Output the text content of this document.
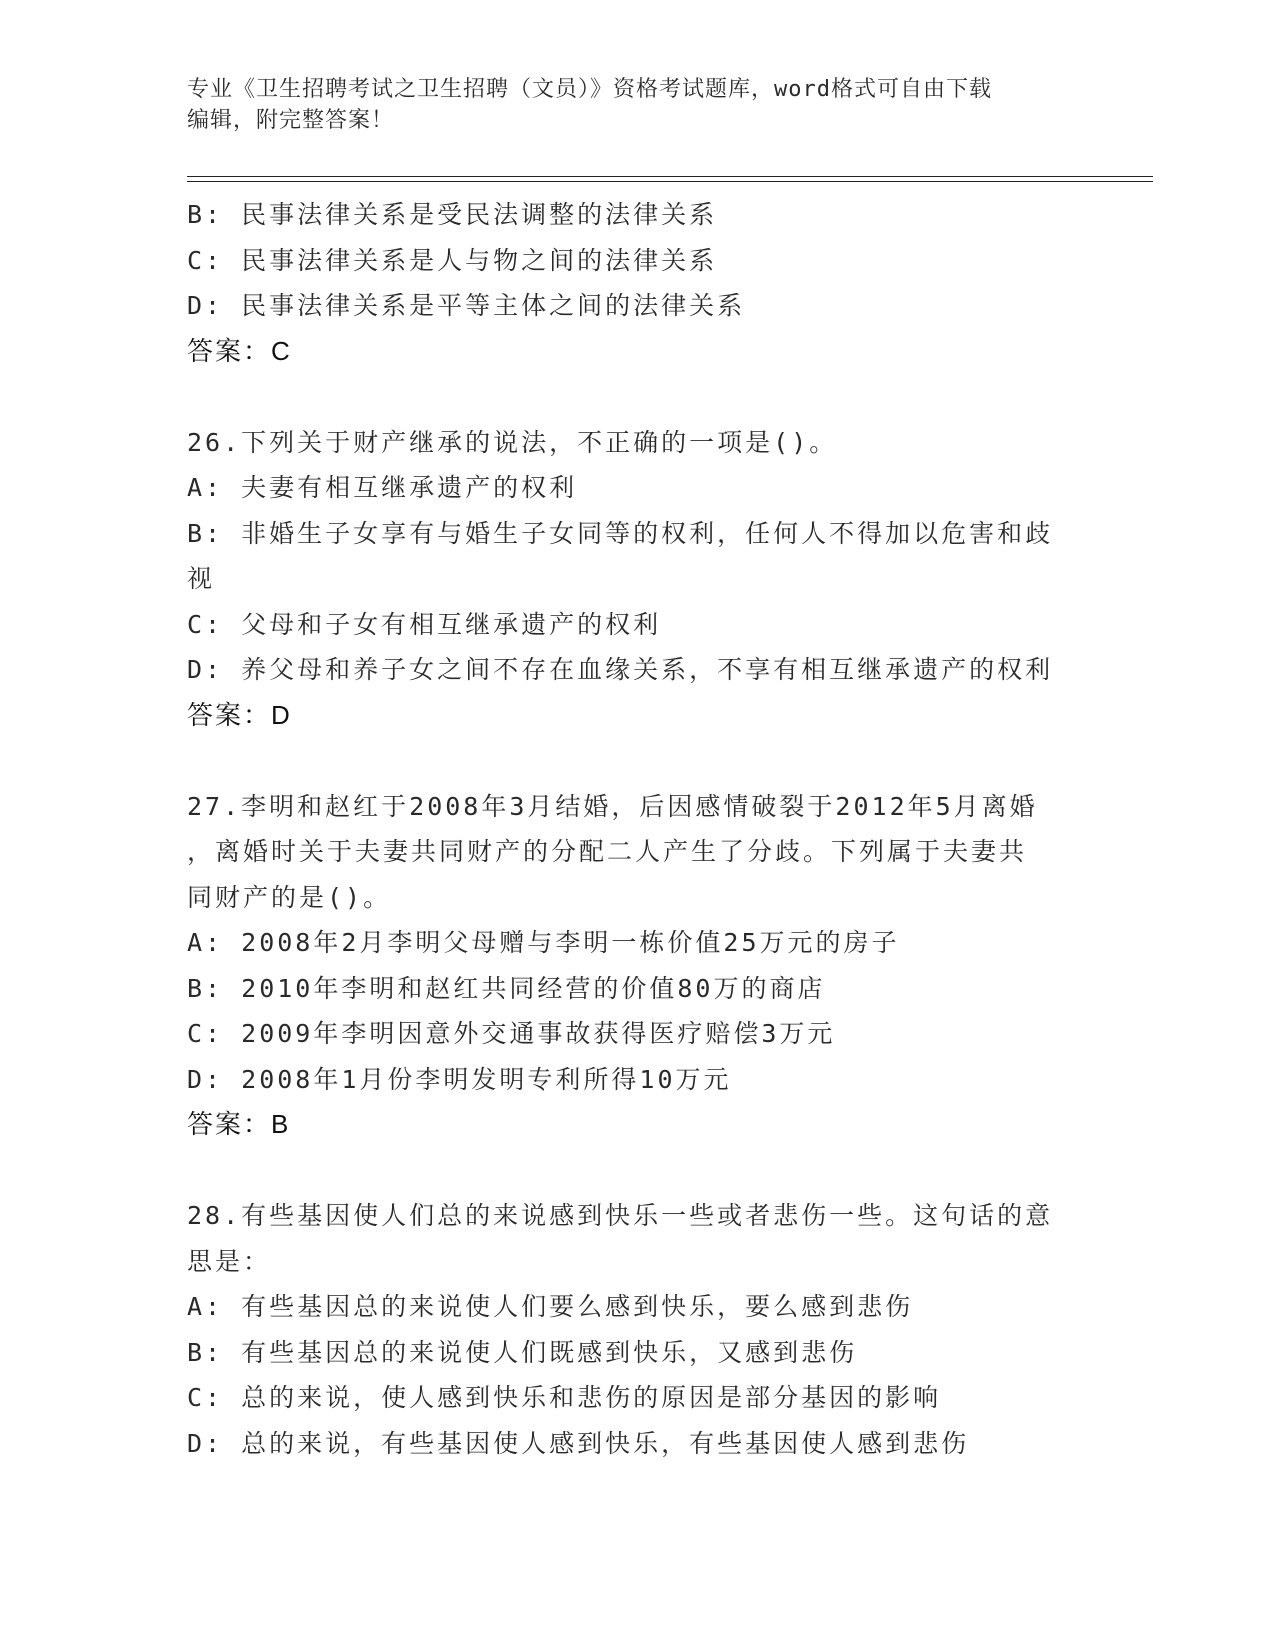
专业《卫生招聘考试之卫生招聘（文员）》资格考试题库，word格式可自由下载
编辑，附完整答案！
B: 民事法律关系是受民法调整的法律关系
C: 民事法律关系是人与物之间的法律关系
D: 民事法律关系是平等主体之间的法律关系
答案：C
26.下列关于财产继承的说法，不正确的一项是()。
A: 夫妻有相互继承遗产的权利
B: 非婚生子女享有与婚生子女同等的权利，任何人不得加以危害和歧
视
C: 父母和子女有相互继承遗产的权利
D: 养父母和养子女之间不存在血缘关系，不享有相互继承遗产的权利
答案：D
27.李明和赵红于2008年3月结婚，后因感情破裂于2012年5月离婚
，离婚时关于夫妻共同财产的分配二人产生了分歧。下列属于夫妻共
同财产的是()。
A: 2008年2月李明父母赠与李明一栋价值25万元的房子
B: 2010年李明和赵红共同经营的价值80万的商店
C: 2009年李明因意外交通事故获得医疗赔偿3万元
D: 2008年1月份李明发明专利所得10万元
答案：B
28.有些基因使人们总的来说感到快乐一些或者悲伤一些。这句话的意
思是：
A: 有些基因总的来说使人们要么感到快乐，要么感到悲伤
B: 有些基因总的来说使人们既感到快乐，又感到悲伤
C: 总的来说，使人感到快乐和悲伤的原因是部分基因的影响
D: 总的来说，有些基因使人感到快乐，有些基因使人感到悲伤
